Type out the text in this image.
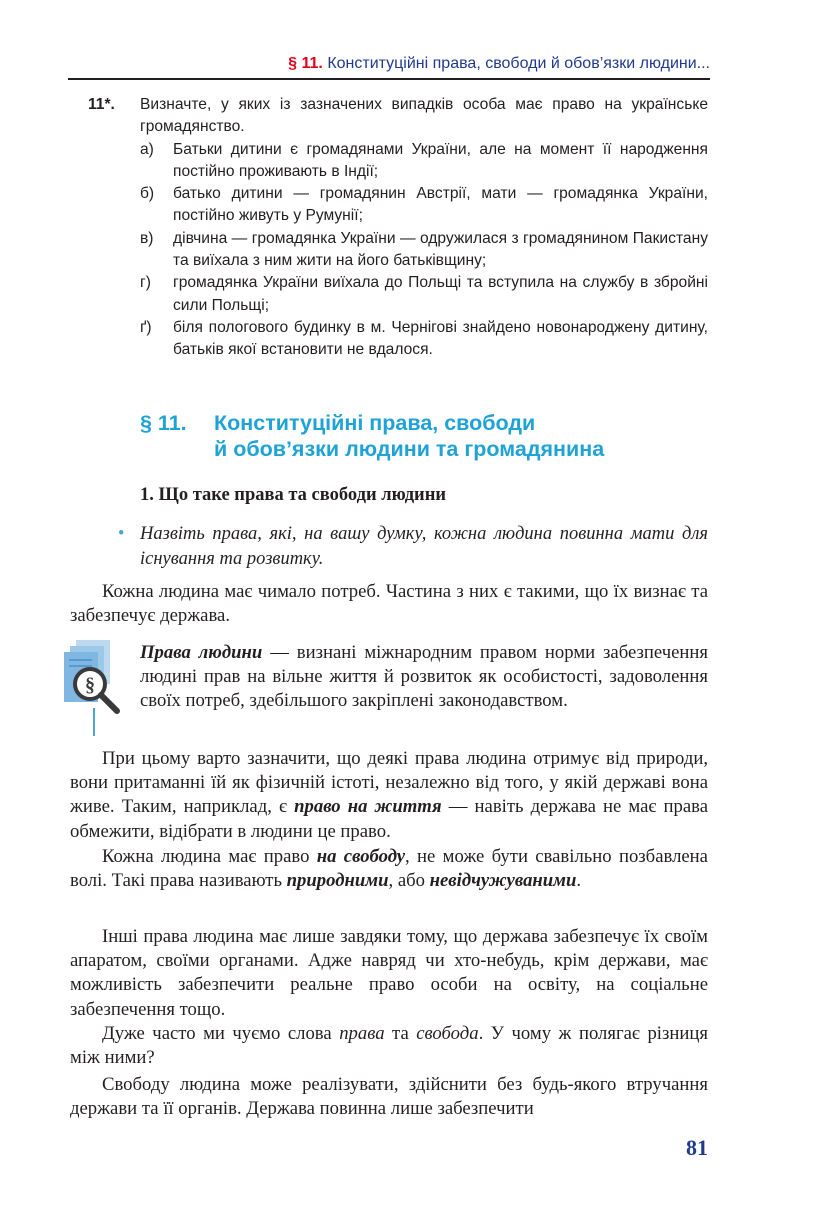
§ 11. Конституційні права, свободи й обов’язки людини...
11*.	Визначте, у яких із зазначених випадків особа має право на українське громадянство.
а)	Батьки дитини є громадянами України, але на момент її народження постійно проживають в Індії;
б)	батько дитини — громадянин Австрії, мати — громадянка України, постійно живуть у Румунії;
в)	дівчина — громадянка України — одружилася з громадянином Пакистану та виїхала з ним жити на його батьківщину;
г)	громадянка України виїхала до Польщі та вступила на службу в збройні сили Польщі;
ґ)	біля пологового будинку в м. Чернігові знайдено новонароджену дитину, батьків якої встановити не вдалося.
§ 11. Конституційні права, свободи
й обов’язки людини та громадянина
1. Що таке права та свободи людини
• Назвіть права, які, на вашу думку, кожна людина повинна мати для існування та розвитку.
Кожна людина має чимало потреб. Частина з них є такими, що їх визнає та забезпечує держава.
§
Права людини — визнані міжнародним правом норми забезпечення людині прав на вільне життя й розвиток як особистості, задоволення своїх потреб, здебільшого закріплені законодавством.
При цьому варто зазначити, що деякі права людина отримує від природи, вони притаманні їй як фізичній істоті, незалежно від того, у якій державі вона живе. Таким, наприклад, є право на життя — навіть держава не має права обмежити, відібрати в людини це право.
Кожна людина має право на свободу, не може бути свавільно позбавлена волі. Такі права називають природними, або невідчужуваними.
Інші права людина має лише завдяки тому, що держава забезпечує їх своїм апаратом, своїми органами. Адже навряд чи хто-небудь, крім держави, має можливість забезпечити реальне право особи на освіту, на соціальне забезпечення тощо.
Дуже часто ми чуємо слова права та свобода. У чому ж полягає різниця між ними?
Свободу людина може реалізувати, здійснити без будь-якого втручання держави та її органів. Держава повинна лише забезпечити
81
